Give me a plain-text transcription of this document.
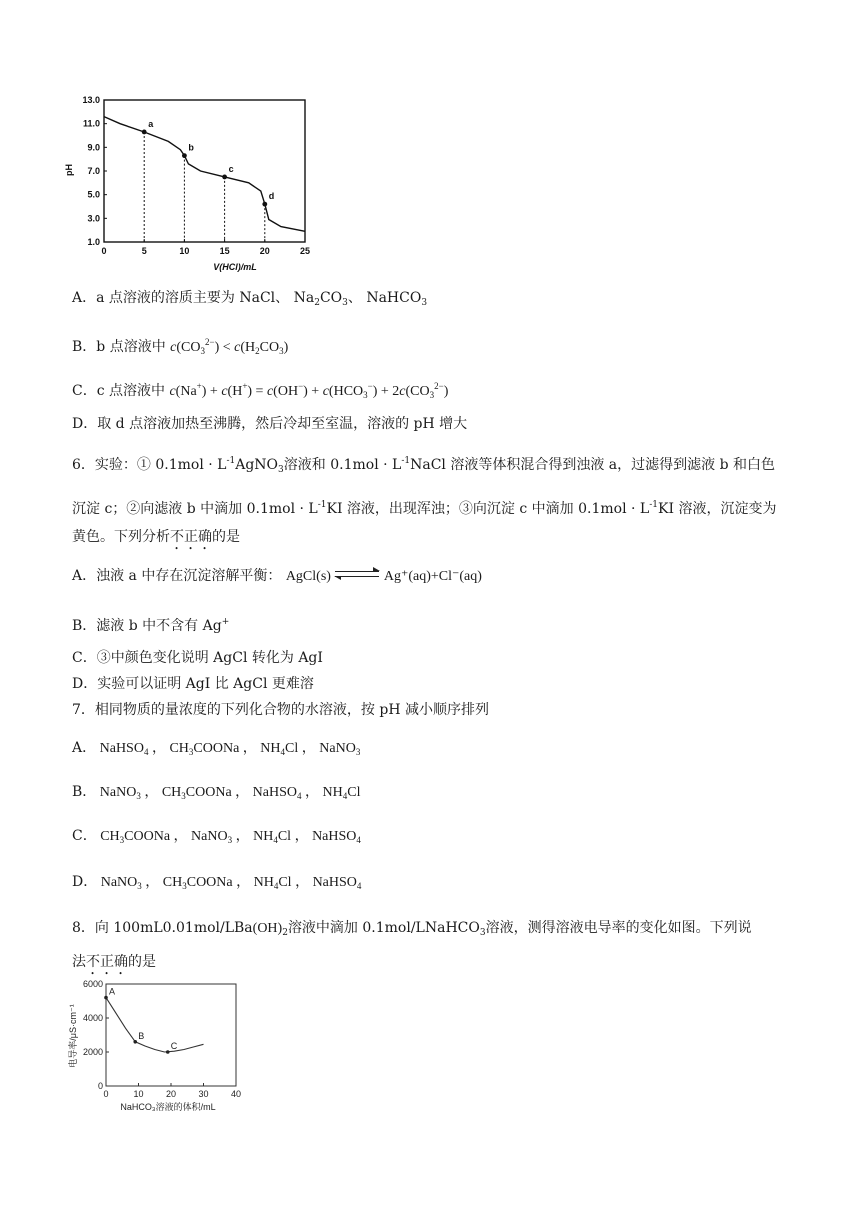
0	5	10	15	20	25
1.0
3.0
5.0
7.0
9.0
11.0
13.0
a
b
c
d
pH
V(HCl)/mL
A．a 点溶液的溶质主要为 NaCl、 $Na_2CO_3$、 NaHCO$_3$
B．b 点溶液中 $c(CO_3^{2-}) < c(H_2CO_3)$
C．c 点溶液中 $c(Na^+) + c(H^+) = c(OH^-) + c(HCO_3^-) + 2c(CO_3^{2-})$
D．取 d 点溶液加热至沸腾，然后冷却至室温，溶液的 pH 增大
6．实验：① $0.1mol \cdot L^{-1}AgNO_3$溶液和 $0.1mol \cdot L^{-1}NaCl$ 溶液等体积混合得到浊液 a，过滤得到滤液 b 和白色
沉淀 c；②向滤液 b 中滴加 $0.1mol \cdot L^{-1}KI$ 溶液，出现浑浊；③向沉淀 c 中滴加 $0.1mol \cdot L^{-1}KI$ 溶液，沉淀变为
黄色。下列分析不正确的是
A．浊液 a 中存在沉淀溶解平衡： AgCl(s)	Ag⁺(aq)+Cl⁻(aq)
B．滤液 b 中不含有 Ag+
C．③中颜色变化说明 AgCl 转化为 AgI
D．实验可以证明 AgI 比 AgCl 更难溶
7．相同物质的量浓度的下列化合物的水溶液，按 pH 减小顺序排列
A． NaHSO$_4$ ， $CH_3COONa$ ， $NH_4Cl$ ， NaNO$_3$
B． NaNO$_3$ ， $CH_3COONa$ ， NaHSO$_4$ ， $NH_4Cl$
C． $CH_3COONa$ ， NaNO$_3$ ， $NH_4Cl$ ， NaHSO$_4$
D． NaNO$_3$ ， $CH_3COONa$ ， $NH_4Cl$ ， NaHSO$_4$
8．向 $100mL0.01mol/LBa(OH)_2$溶液中滴加 0.1mol/LNaHCO$_3$溶液，测得溶液电导率的变化如图。下列说
法不正确的是
0	10 20 30 40
0
2000
4000
6000
A
B
C
电导率/μS·cm⁻¹
NaHCO₃溶液的体积/mL
